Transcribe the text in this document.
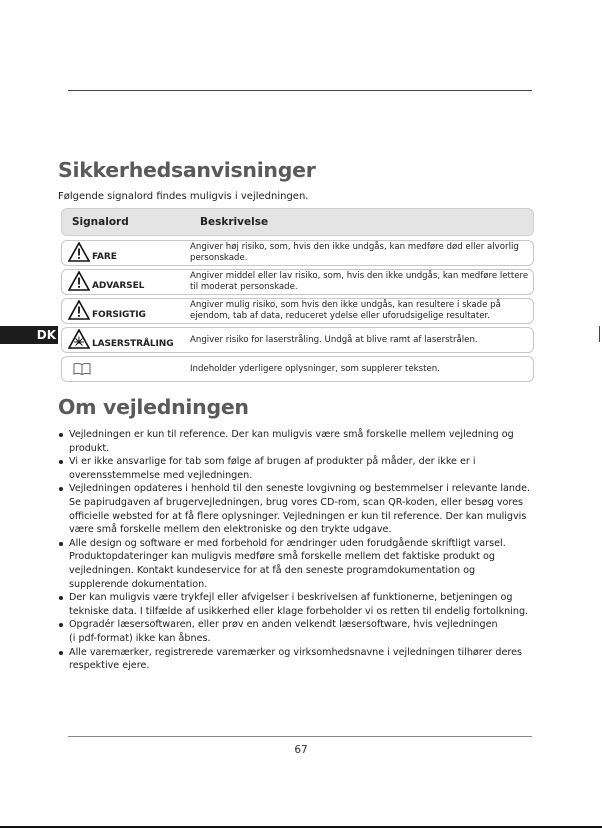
Sikkerhedsanvisninger
Følgende signalord findes muligvis i vejledningen.
Signalord	Beskrivelse
FARE
Angiver høj risiko, som, hvis den ikke undgås, kan medføre død eller alvorlig personskade.
ADVARSEL
Angiver middel eller lav risiko, som, hvis den ikke undgås, kan medføre lettere til moderat personskade.
FORSIGTIG
Angiver mulig risiko, som hvis den ikke undgås, kan resultere i skade på ejendom, tab af data, reduceret ydelse eller uforudsigelige resultater.
LASERSTRÅLING Angiver risiko for laserstråling. Undgå at blive ramt af laserstrålen.
Indeholder yderligere oplysninger, som supplerer teksten.
DK
Om vejledningen
Vejledningen er kun til reference. Der kan muligvis være små forskelle mellem vejledning og
produkt.
Vi er ikke ansvarlige for tab som følge af brugen af produkter på måder, der ikke er i
overensstemmelse med vejledningen.
Vejledningen opdateres i henhold til den seneste lovgivning og bestemmelser i relevante lande.
Se papirudgaven af brugervejledningen, brug vores CD-rom, scan QR-koden, eller besøg vores
officielle websted for at få flere oplysninger. Vejledningen er kun til reference. Der kan muligvis
være små forskelle mellem den elektroniske og den trykte udgave.
Alle design og software er med forbehold for ændringer uden forudgående skriftligt varsel.
Produktopdateringer kan muligvis medføre små forskelle mellem det faktiske produkt og
vejledningen. Kontakt kundeservice for at få den seneste programdokumentation og
supplerende dokumentation.
Der kan muligvis være trykfejl eller afvigelser i beskrivelsen af funktionerne, betjeningen og
tekniske data. I tilfælde af usikkerhed eller klage forbeholder vi os retten til endelig fortolkning.
Opgradér læsersoftwaren, eller prøv en anden velkendt læsersoftware, hvis vejledningen
(i pdf-format) ikke kan åbnes.
Alle varemærker, registrerede varemærker og virksomhedsnavne i vejledningen tilhører deres
respektive ejere.
67
